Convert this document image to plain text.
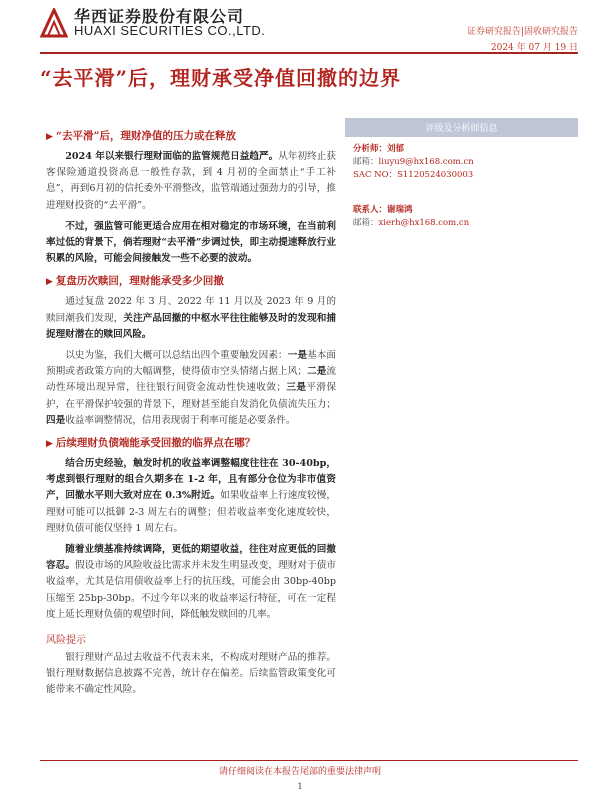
华西证券股份有限公司
HUAXI SECURITIES CO.,LTD.	证券研究报告|固收研究报告
2024 年 07 月 19 日
“去平滑”后，理财承受净值回撤的边界
▶ “去平滑”后，理财净值的压力或在释放

2024 年以来银行理财面临的监管规范日益趋严。从年初终止获客保险通道投资高息一般性存款，到 4 月初的全面禁止“手工补息”，再到6月初的信托委外平滑整改，监管端通过强劲力的引导，推进理财投资的“去平滑”。

不过，强监管可能更适合应用在相对稳定的市场环境，在当前利率过低的背景下，倘若理财“去平滑”步调过快，即主动提速释放行业积累的风险，可能会间接触发一些不必要的波动。

▶ 复盘历次赎回，理财能承受多少回撤

通过复盘 2022 年 3 月、2022 年 11 月以及 2023 年 9 月的赎回潮我们发现，关注产品回撤的中枢水平往往能够及时的发现和捕捉理财潜在的赎回风险。

以史为鉴，我们大概可以总结出四个重要触发因素：一是基本面预期或者政策方向的大幅调整，使得债市空头情绪占据上风；二是流动性环境出现异常，往往银行间资金流动性快速收敛；三是平滑保护，在平滑保护较强的背景下，理财甚至能自发消化负债流失压力；四是收益率调整情况，信用表现弱于利率可能是必要条件。

▶ 后续理财负债端能承受回撤的临界点在哪？

结合历史经验，触发时机的收益率调整幅度往往在 30-40bp，考虑到银行理财的组合久期多在 1-2 年，且有部分仓位为非市值资产，回撤水平则大致对应在 0.3%附近。如果收益率上行速度较慢，理财可能可以抵御 2-3 周左右的调整；但若收益率变化速度较快，理财负债可能仅坚持 1 周左右。

随着业绩基准持续调降，更低的期望收益，往往对应更低的回撤容忍。假设市场的风险收益比需求并未发生明显改变，理财对于债市收益率，尤其是信用债收益率上行的抗压线，可能会由 30bp-40bp 压缩至 25bp-30bp。不过今年以来的收益率运行特征，可在一定程度上延长理财负债的观望时间，降低触发赎回的几率。

风险提示

银行理财产品过去收益不代表未来，不构成对理财产品的推荐。银行理财数据信息披露不完善，统计存在偏差。后续监管政策变化可能带来不确定性风险。

评级及分析师信息
分析师：刘郁
邮箱：liuyu9@hx168.com.cn
SAC NO：S1120524030003
联系人：谢瑞鸿
邮箱：xierh@hx168.com.cn
请仔细阅读在本报告尾部的重要法律声明
1
